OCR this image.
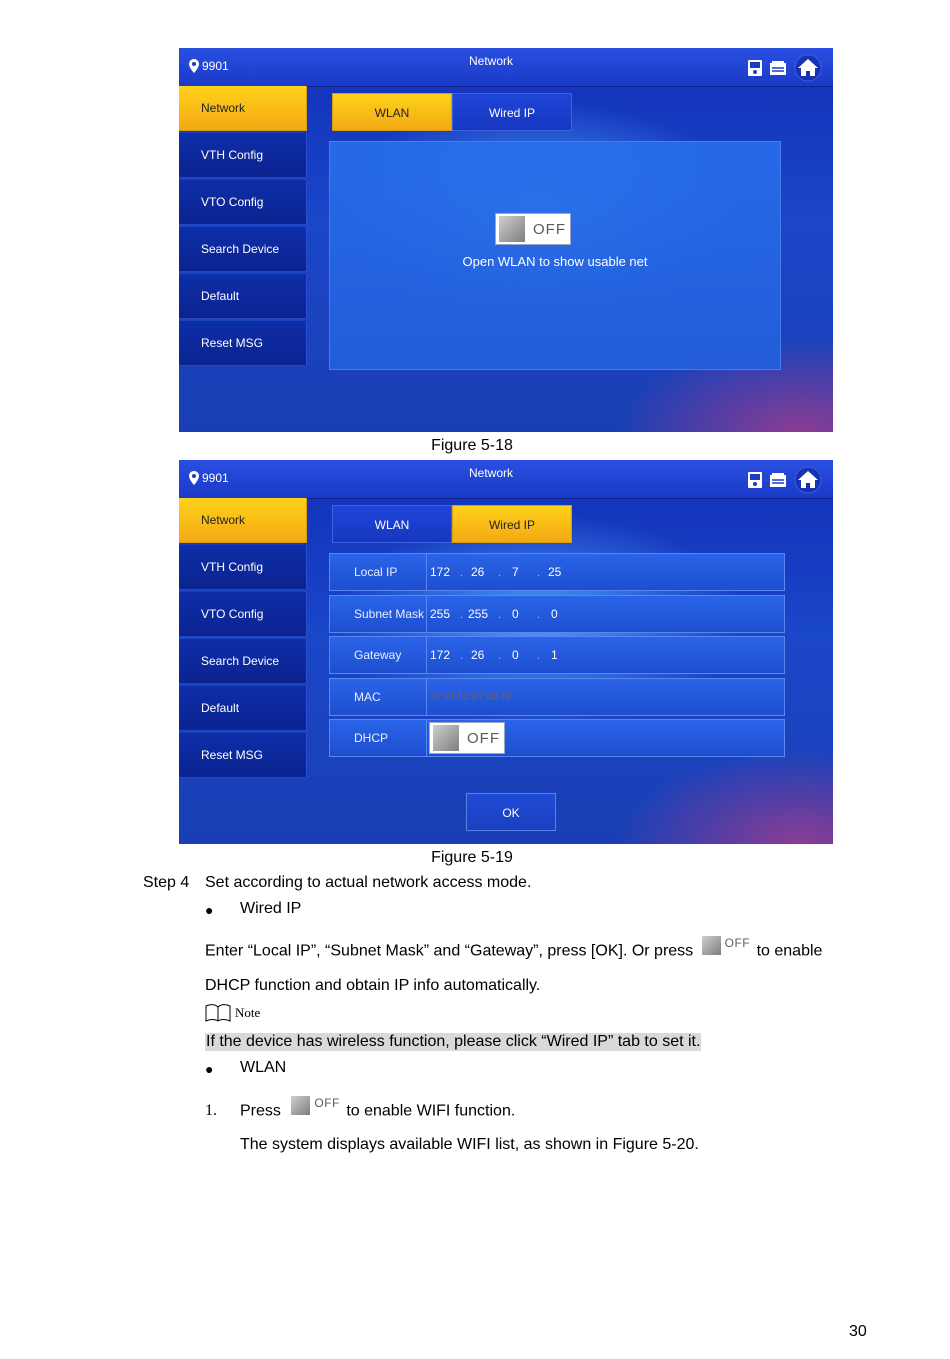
9901	Network
Network
VTH Config
VTO Config
Search Device
Default
Reset MSG
WLAN	Wired IP
OFF
Open WLAN to show usable net
Figure 5-18
9901	Network
Network
VTH Config
VTO Config
Search Device
Default
Reset MSG
WLAN	Wired IP
Local IP	172 . 26 . 7 . 25
Subnet Mask 255 . 255 . 0 . 0
Gateway	172 . 26 . 0 . 1
MAC	3c:ef:8c:07:b6:bf
DHCP	OFF
OK
Figure 5-19
Step 4 Set according to actual network access mode.
● Wired IP
Enter “Local IP”, “Subnet Mask” and “Gateway”, press [OK]. Or press	OFF to enable
DHCP function and obtain IP info automatically.
Note
If the device has wireless function, please click “Wired IP” tab to set it.
● WLAN
1. Press	OFF to enable WIFI function.
The system displays available WIFI list, as shown in Figure 5-20.
30
